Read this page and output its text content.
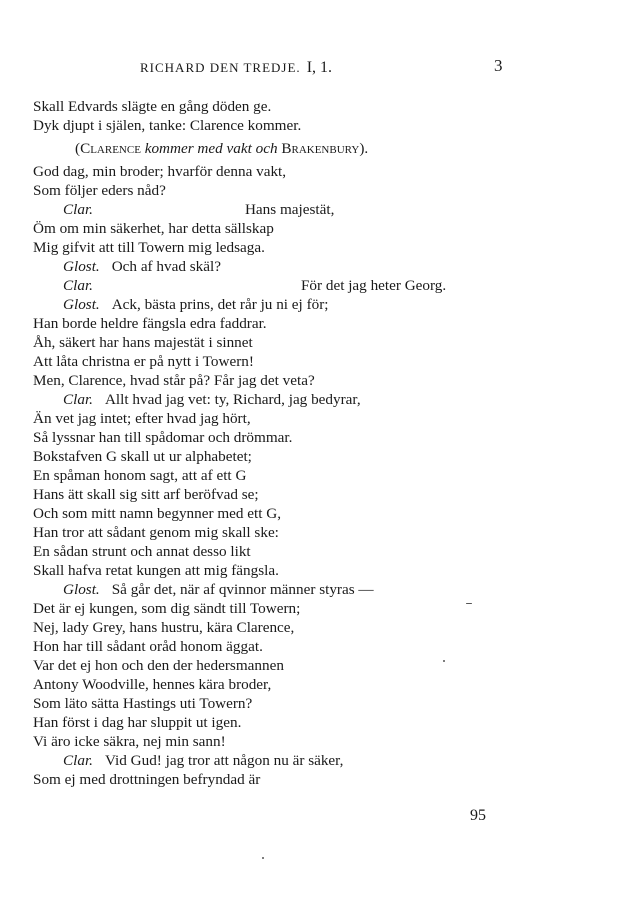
RICHARD DEN TREDJE. I, 1.	3
Skall Edvards slägte en gång döden ge.
Dyk djupt i själen, tanke: Clarence kommer.
(Clarence kommer med vakt och Brakenbury).
God dag, min broder; hvarför denna vakt,
Som följer eders nåd?
Clar.	Hans majestät,
Öm om min säkerhet, har detta sällskap
Mig gifvit att till Towern mig ledsaga.
Glost. Och af hvad skäl?
Clar.	För det jag heter Georg.
Glost. Ack, bästa prins, det rår ju ni ej för;
Han borde heldre fängsla edra faddrar.
Åh, säkert har hans majestät i sinnet
Att låta christna er på nytt i Towern!
Men, Clarence, hvad står på? Får jag det veta?
Clar. Allt hvad jag vet: ty, Richard, jag bedyrar,
Än vet jag intet; efter hvad jag hört,
Så lyssnar han till spådomar och drömmar.
Bokstafven G skall ut ur alphabetet;
En spåman honom sagt, att af ett G
Hans ätt skall sig sitt arf beröfvad se;
Och som mitt namn begynner med ett G,
Han tror att sådant genom mig skall ske:
En sådan strunt och annat desso likt
Skall hafva retat kungen att mig fängsla.
Glost. Så går det, när af qvinnor männer styras —
Det är ej kungen, som dig sändt till Towern;
Nej, lady Grey, hans hustru, kära Clarence,
Hon har till sådant oråd honom äggat.
Var det ej hon och den der hedersmannen
Antony Woodville, hennes kära broder,
Som läto sätta Hastings uti Towern?
Han först i dag har sluppit ut igen.
Vi äro icke säkra, nej min sann!
Clar. Vid Gud! jag tror att någon nu är säker,
Som ej med drottningen befryndad är
95
